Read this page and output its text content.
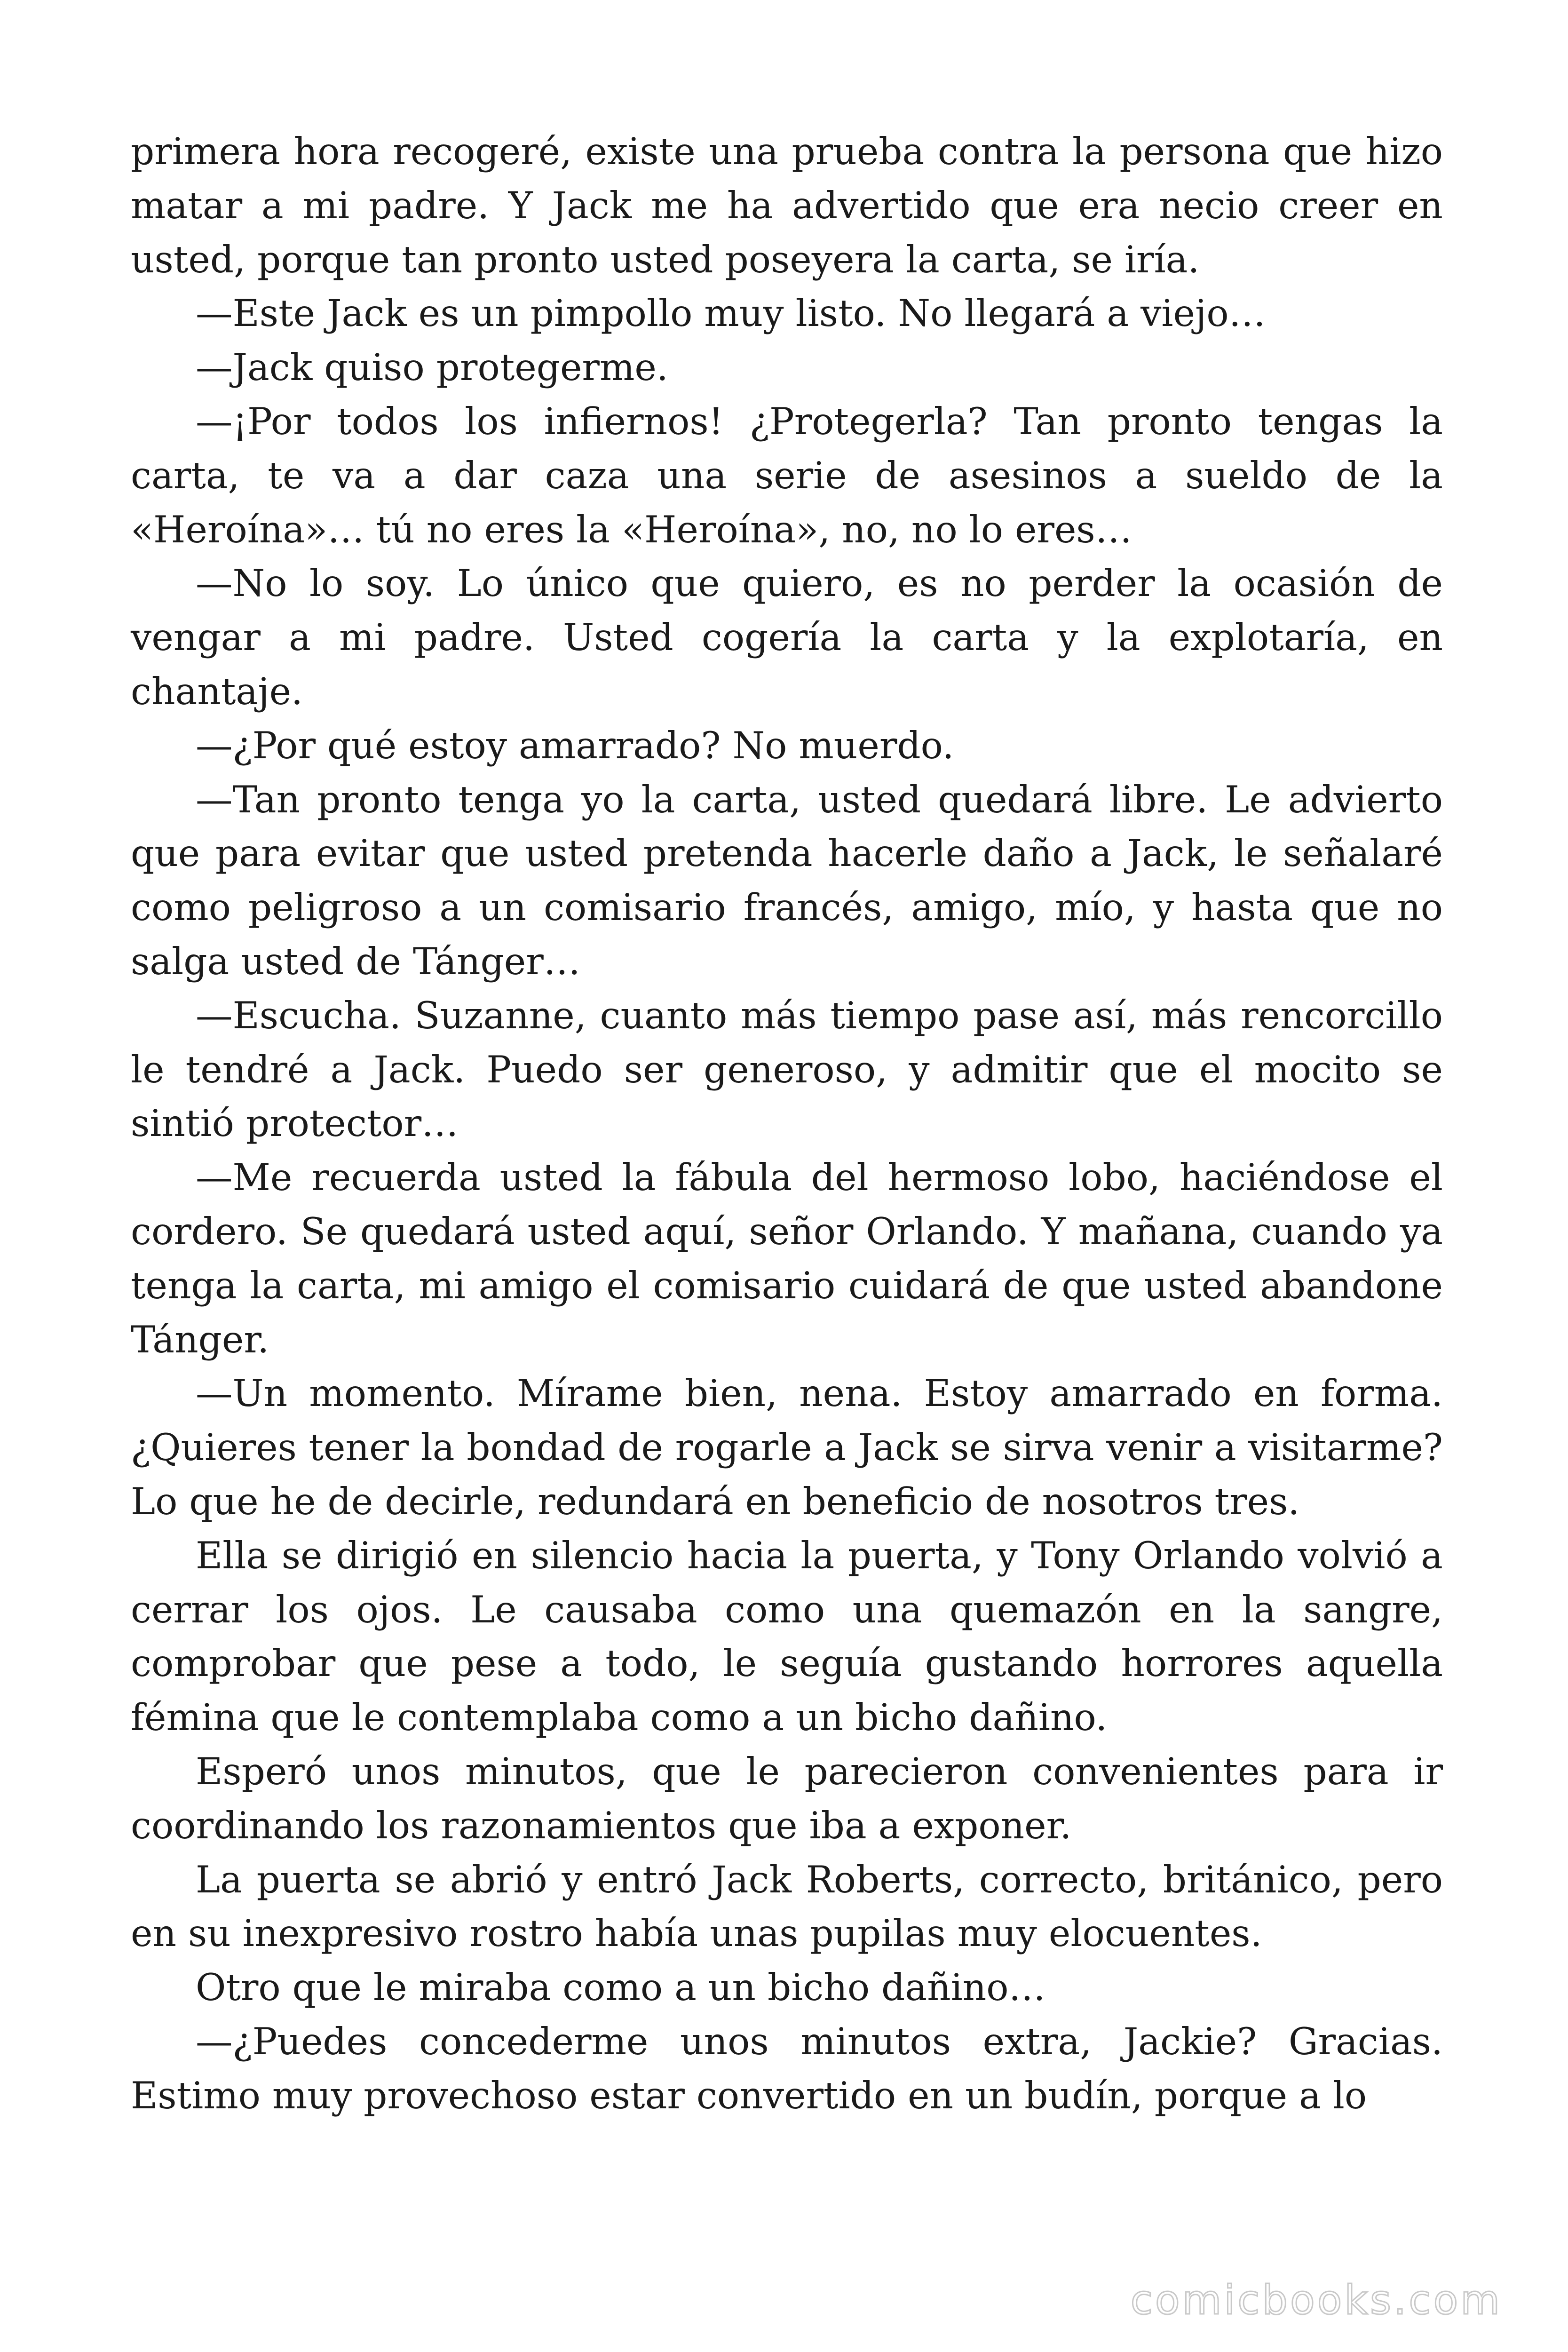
primera hora recogeré, existe una prueba contra la persona que hizo matar a mi padre. Y Jack me ha advertido que era necio creer en usted, porque tan pronto usted poseyera la carta, se iría.

—Este Jack es un pimpollo muy listo. No llegará a viejo…

—Jack quiso protegerme.

—¡Por todos los infiernos! ¿Protegerla? Tan pronto tengas la carta, te va a dar caza una serie de asesinos a sueldo de la «Heroína»… tú no eres la «Heroína», no, no lo eres…

—No lo soy. Lo único que quiero, es no perder la ocasión de vengar a mi padre. Usted cogería la carta y la explotaría, en chantaje.

—¿Por qué estoy amarrado? No muerdo.

—Tan pronto tenga yo la carta, usted quedará libre. Le advierto que para evitar que usted pretenda hacerle daño a Jack, le señalaré como peligroso a un comisario francés, amigo, mío, y hasta que no salga usted de Tánger…

—Escucha. Suzanne, cuanto más tiempo pase así, más rencorcillo le tendré a Jack. Puedo ser generoso, y admitir que el mocito se sintió protector…

—Me recuerda usted la fábula del hermoso lobo, haciéndose el cordero. Se quedará usted aquí, señor Orlando. Y mañana, cuando ya tenga la carta, mi amigo el comisario cuidará de que usted abandone Tánger.

—Un momento. Mírame bien, nena. Estoy amarrado en forma. ¿Quieres tener la bondad de rogarle a Jack se sirva venir a visitarme? Lo que he de decirle, redundará en beneficio de nosotros tres.

Ella se dirigió en silencio hacia la puerta, y Tony Orlando volvió a cerrar los ojos. Le causaba como una quemazón en la sangre, comprobar que pese a todo, le seguía gustando horrores aquella fémina que le contemplaba como a un bicho dañino.

Esperó unos minutos, que le parecieron convenientes para ir coordinando los razonamientos que iba a exponer.

La puerta se abrió y entró Jack Roberts, correcto, británico, pero en su inexpresivo rostro había unas pupilas muy elocuentes.

Otro que le miraba como a un bicho dañino…

—¿Puedes concederme unos minutos extra, Jackie? Gracias. Estimo muy provechoso estar convertido en un budín, porque a lo

comicbooks.com
